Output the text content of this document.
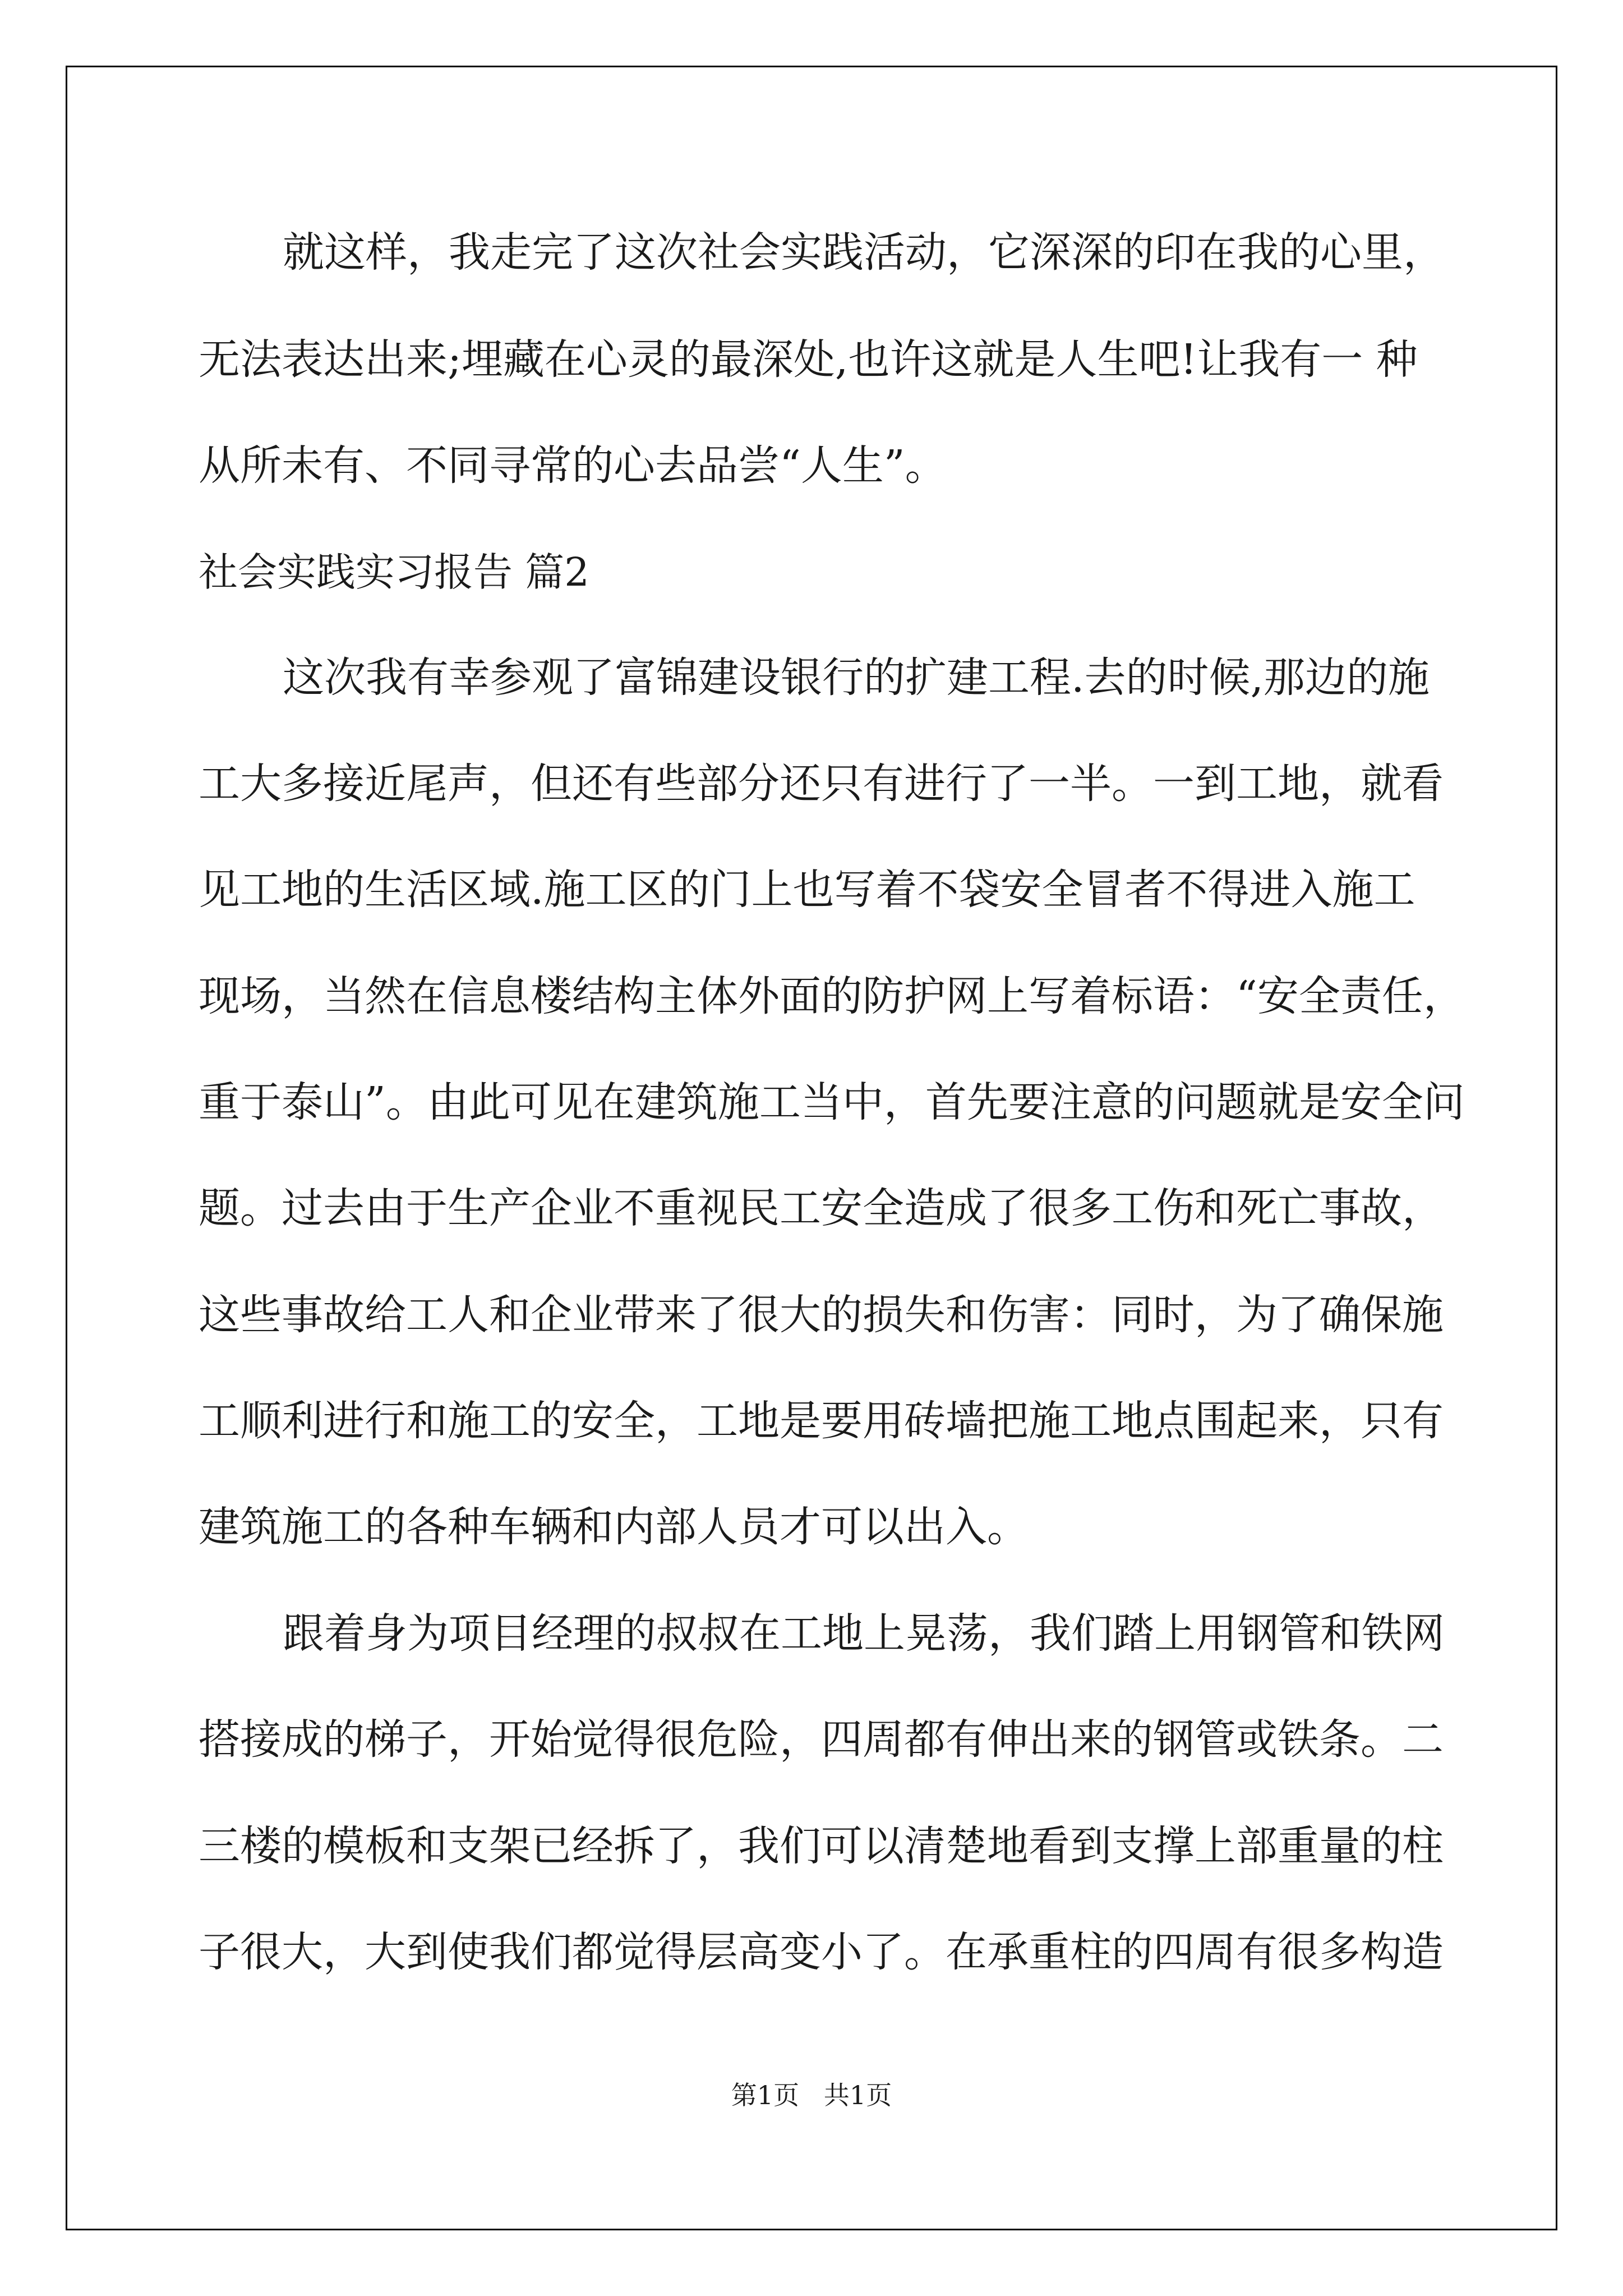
就这样，我走完了这次社会实践活动，它深深的印在我的心里，
无法表达出来;埋藏在心灵的最深处,也许这就是人生吧!让我有一 种
从所未有、不同寻常的心去品尝“人生”。
社会实践实习报告 篇2
这次我有幸参观了富锦建设银行的扩建工程.去的时候,那边的施
工大多接近尾声，但还有些部分还只有进行了一半。一到工地，就看
见工地的生活区域.施工区的门上也写着不袋安全冒者不得进入施工
现场，当然在信息楼结构主体外面的防护网上写着标语：“安全责任，
重于泰山”。由此可见在建筑施工当中，首先要注意的问题就是安全问
题。过去由于生产企业不重视民工安全造成了很多工伤和死亡事故，
这些事故给工人和企业带来了很大的损失和伤害：同时，为了确保施
工顺利进行和施工的安全，工地是要用砖墙把施工地点围起来，只有
建筑施工的各种车辆和内部人员才可以出入。
跟着身为项目经理的叔叔在工地上晃荡，我们踏上用钢管和铁网
搭接成的梯子，开始觉得很危险，四周都有伸出来的钢管或铁条。二
三楼的模板和支架已经拆了，我们可以清楚地看到支撑上部重量的柱
子很大，大到使我们都觉得层高变小了。在承重柱的四周有很多构造
第1页   共1页
